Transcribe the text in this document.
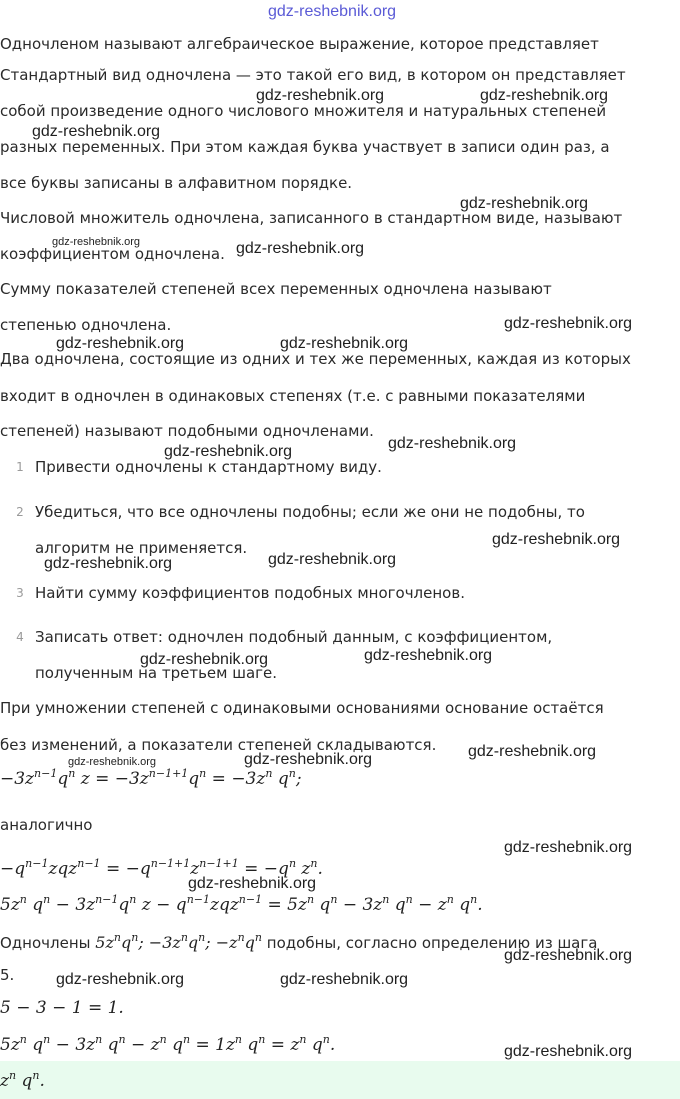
gdz-reshebnik.org

Одночленом называют алгебраическое выражение, которое представляет

Стандартный вид одночлена — это такой его вид, в котором он представляет

собой произведение одного числового множителя и натуральных степеней

разных переменных. При этом каждая буква участвует в записи один раз, а

все буквы записаны в алфавитном порядке.

Числовой множитель одночлена, записанного в стандартном виде, называют

коэффициентом одночлена.

Сумму показателей степеней всех переменных одночлена называют

степенью одночлена.

Два одночлена, состоящие из одних и тех же переменных, каждая из которых

входит в одночлен в одинаковых степенях (т.е. с равными показателями

степеней) называют подобными одночленами.

1 Привести одночлены к стандартному виду.

2 Убедиться, что все одночлены подобны; если же они не подобны, то

алгоритм не применяется.

3 Найти сумму коэффициентов подобных многочленов.

4 Записать ответ: одночлен подобный данным, с коэффициентом,

полученным на третьем шаге.

При умножении степеней с одинаковыми основаниями основание остаётся

без изменений, а показатели степеней складываются.

$-3z^{n-1}q^n$ $z = -3z^{n-1+1}q^n = -3z^n$ $q^n$;

аналогично

$-q^{n-1}zqz^{n-1} = -q^{n-1+1}z^{n-1+1} = -q^n$ $z^n$.

$5z^n$ $q^n - 3z^{n-1}q^n$ $z - q^{n-1}zqz^{n-1} = 5z^n$ $q^n - 3z^n$ $q^n - z^n$ $q^n$.

Одночлены $5z^nq^n$; $-3z^nq^n$; $-z^nq^n$ подобны, согласно определению из шага

5.

5 − 3 − 1 = 1.

$5z^n$ $q^n - 3z^n$ $q^n - z^n$ $q^n = 1z^n$ $q^n = z^n$ $q^n$.

$z^n$ $q^n$.

gdz-reshebnik.org	gdz-reshebnik.org

gdz-reshebnik.org

gdz-reshebnik.org

gdz-reshebnik.org	gdz-reshebnik.org

gdz-reshebnik.org

gdz-reshebnik.org	gdz-reshebnik.org

gdz-reshebnik.org

gdz-reshebnik.org

gdz-reshebnik.org

gdz-reshebnik.org

gdz-reshebnik.org

gdz-reshebnik.org

gdz-reshebnik.org

gdz-reshebnik.org

gdz-reshebnik.org

gdz-reshebnik.org

gdz-reshebnik.org

gdz-reshebnik.org

gdz-reshebnik.org

gdz-reshebnik.org	gdz-reshebnik.org

gdz-reshebnik.org
